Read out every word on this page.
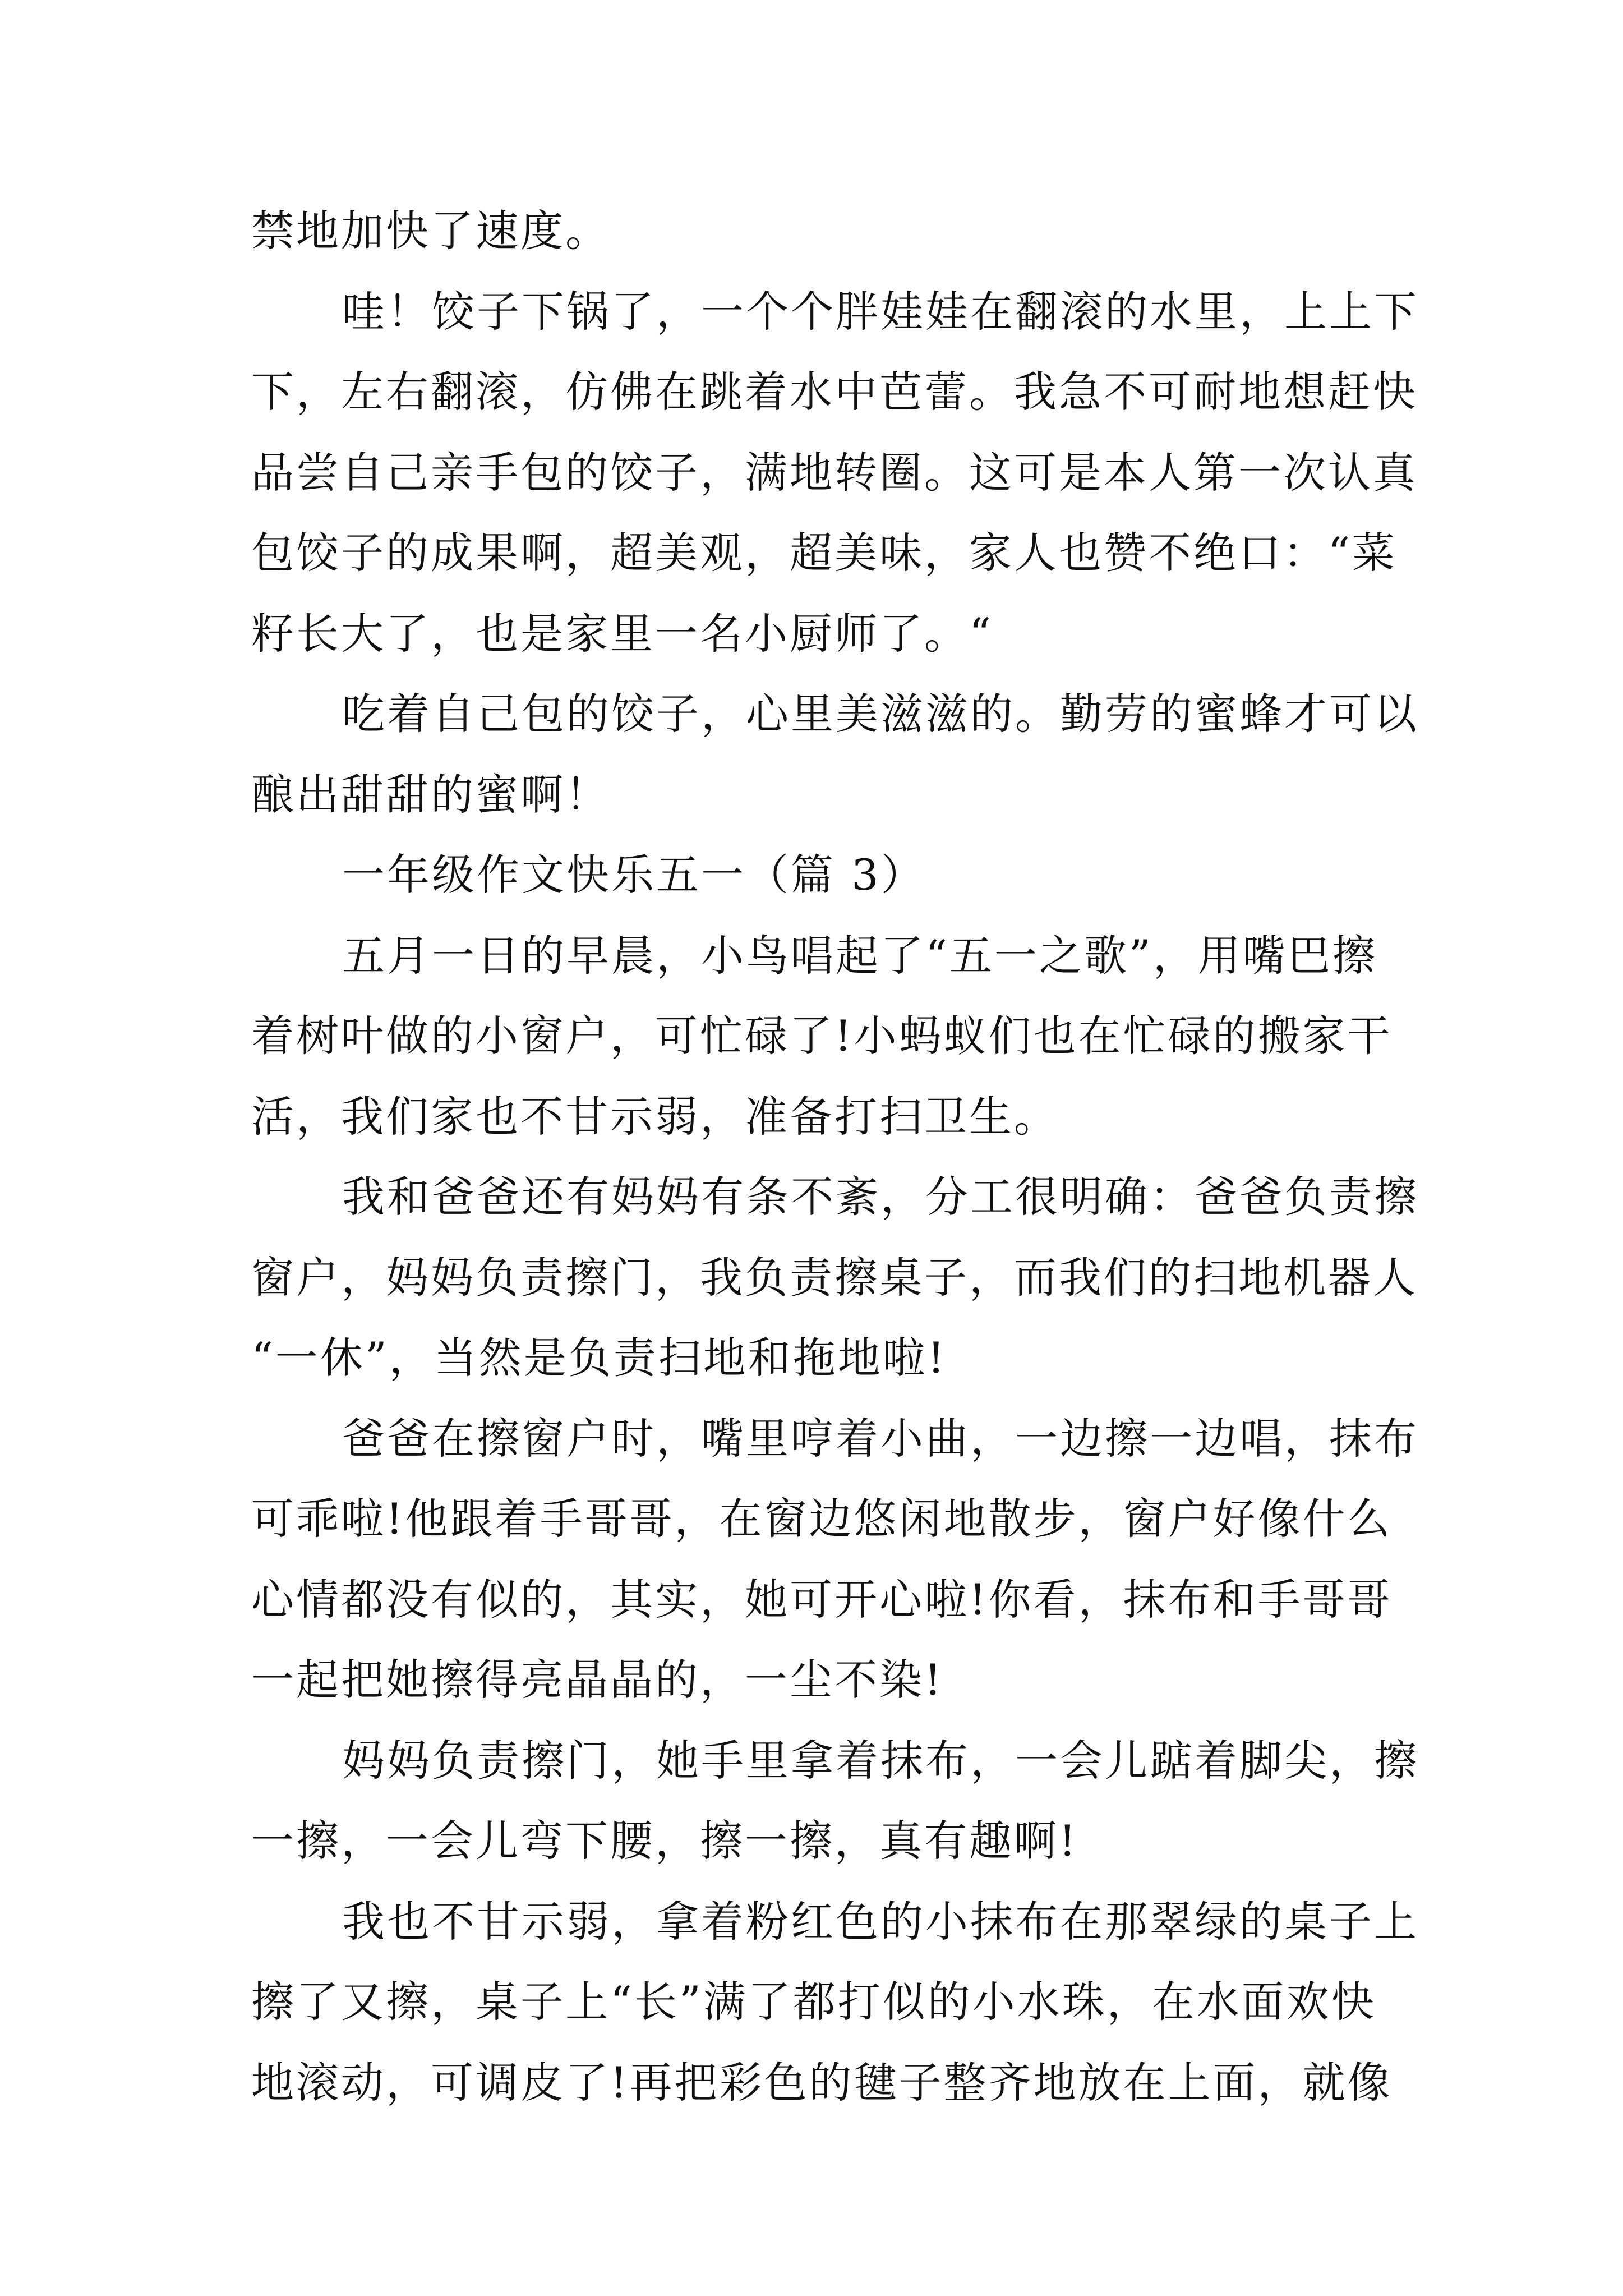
禁地加快了速度。
哇！饺子下锅了，一个个胖娃娃在翻滚的水里，上上下
下，左右翻滚，仿佛在跳着水中芭蕾。我急不可耐地想赶快
品尝自己亲手包的饺子，满地转圈。这可是本人第一次认真
包饺子的成果啊，超美观，超美味，家人也赞不绝口：“菜
籽长大了，也是家里一名小厨师了。“
吃着自己包的饺子，心里美滋滋的。勤劳的蜜蜂才可以
酿出甜甜的蜜啊！
一年级作文快乐五一（篇 3）
五月一日的早晨，小鸟唱起了“五一之歌”，用嘴巴擦
着树叶做的小窗户，可忙碌了!小蚂蚁们也在忙碌的搬家干
活，我们家也不甘示弱，准备打扫卫生。
我和爸爸还有妈妈有条不紊，分工很明确：爸爸负责擦
窗户，妈妈负责擦门，我负责擦桌子，而我们的扫地机器人
“一休”，当然是负责扫地和拖地啦!
爸爸在擦窗户时，嘴里哼着小曲，一边擦一边唱，抹布
可乖啦!他跟着手哥哥，在窗边悠闲地散步，窗户好像什么
心情都没有似的，其实，她可开心啦!你看，抹布和手哥哥
一起把她擦得亮晶晶的，一尘不染!
妈妈负责擦门，她手里拿着抹布，一会儿踮着脚尖，擦
一擦，一会儿弯下腰，擦一擦，真有趣啊!
我也不甘示弱，拿着粉红色的小抹布在那翠绿的桌子上
擦了又擦，桌子上“长”满了都打似的小水珠，在水面欢快
地滚动，可调皮了!再把彩色的毽子整齐地放在上面，就像
